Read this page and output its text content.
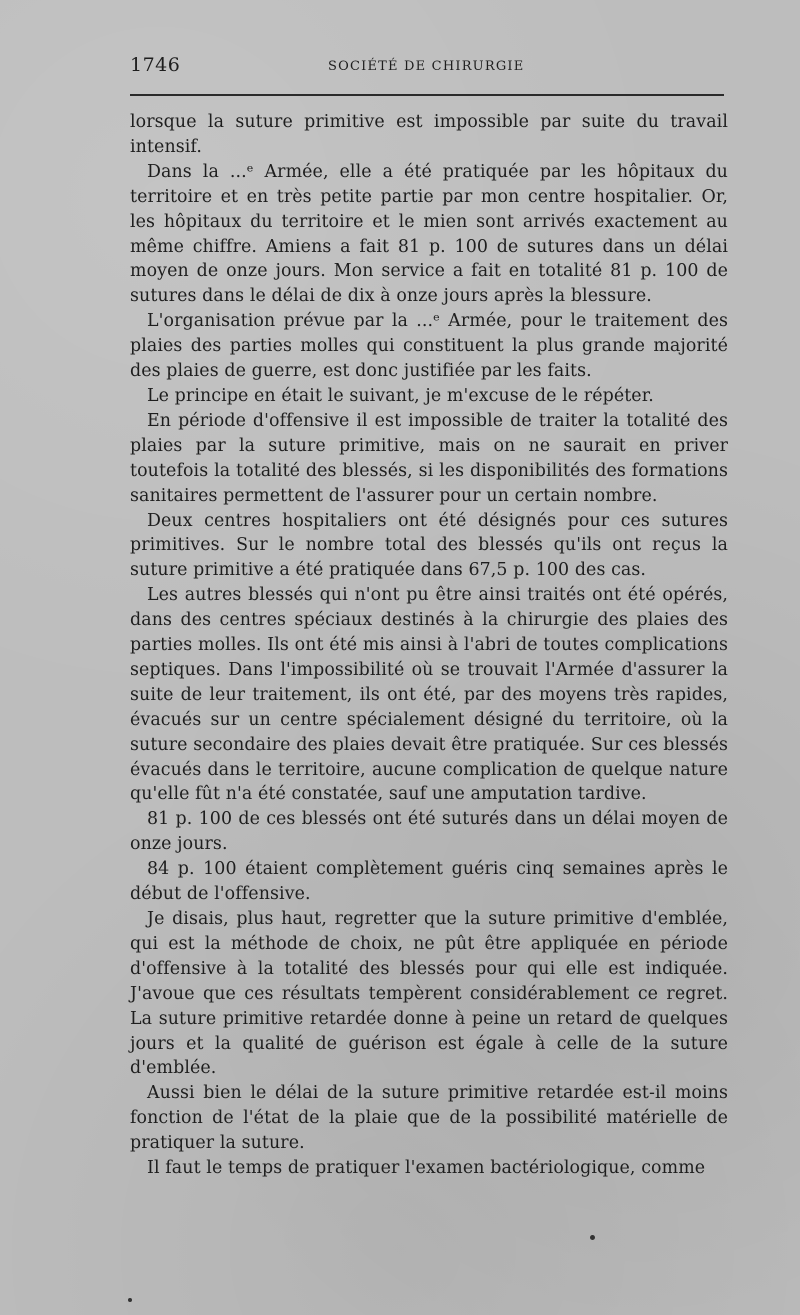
1746	SOCIÉTÉ DE CHIRURGIE

lorsque la suture primitive est impossible par suite du travail intensif.

Dans la ...ᵉ Armée, elle a été pratiquée par les hôpitaux du territoire et en très petite partie par mon centre hospitalier. Or, les hôpitaux du territoire et le mien sont arrivés exactement au même chiffre. Amiens a fait 81 p. 100 de sutures dans un délai moyen de onze jours. Mon service a fait en totalité 81 p. 100 de sutures dans le délai de dix à onze jours après la blessure.

L'organisation prévue par la ...ᵉ Armée, pour le traitement des plaies des parties molles qui constituent la plus grande majorité des plaies de guerre, est donc justifiée par les faits.

Le principe en était le suivant, je m'excuse de le répéter.

En période d'offensive il est impossible de traiter la totalité des plaies par la suture primitive, mais on ne saurait en priver toutefois la totalité des blessés, si les disponibilités des formations sanitaires permettent de l'assurer pour un certain nombre.

Deux centres hospitaliers ont été désignés pour ces sutures primitives. Sur le nombre total des blessés qu'ils ont reçus la suture primitive a été pratiquée dans 67,5 p. 100 des cas.

Les autres blessés qui n'ont pu être ainsi traités ont été opérés, dans des centres spéciaux destinés à la chirurgie des plaies des parties molles. Ils ont été mis ainsi à l'abri de toutes complications septiques. Dans l'impossibilité où se trouvait l'Armée d'assurer la suite de leur traitement, ils ont été, par des moyens très rapides, évacués sur un centre spécialement désigné du territoire, où la suture secondaire des plaies devait être pratiquée. Sur ces blessés évacués dans le territoire, aucune complication de quelque nature qu'elle fût n'a été constatée, sauf une amputation tardive.

81 p. 100 de ces blessés ont été suturés dans un délai moyen de onze jours.

84 p. 100 étaient complètement guéris cinq semaines après le début de l'offensive.

Je disais, plus haut, regretter que la suture primitive d'emblée, qui est la méthode de choix, ne pût être appliquée en période d'offensive à la totalité des blessés pour qui elle est indiquée. J'avoue que ces résultats tempèrent considérablement ce regret. La suture primitive retardée donne à peine un retard de quelques jours et la qualité de guérison est égale à celle de la suture d'emblée.

Aussi bien le délai de la suture primitive retardée est-il moins fonction de l'état de la plaie que de la possibilité matérielle de pratiquer la suture.

Il faut le temps de pratiquer l'examen bactériologique, comme
